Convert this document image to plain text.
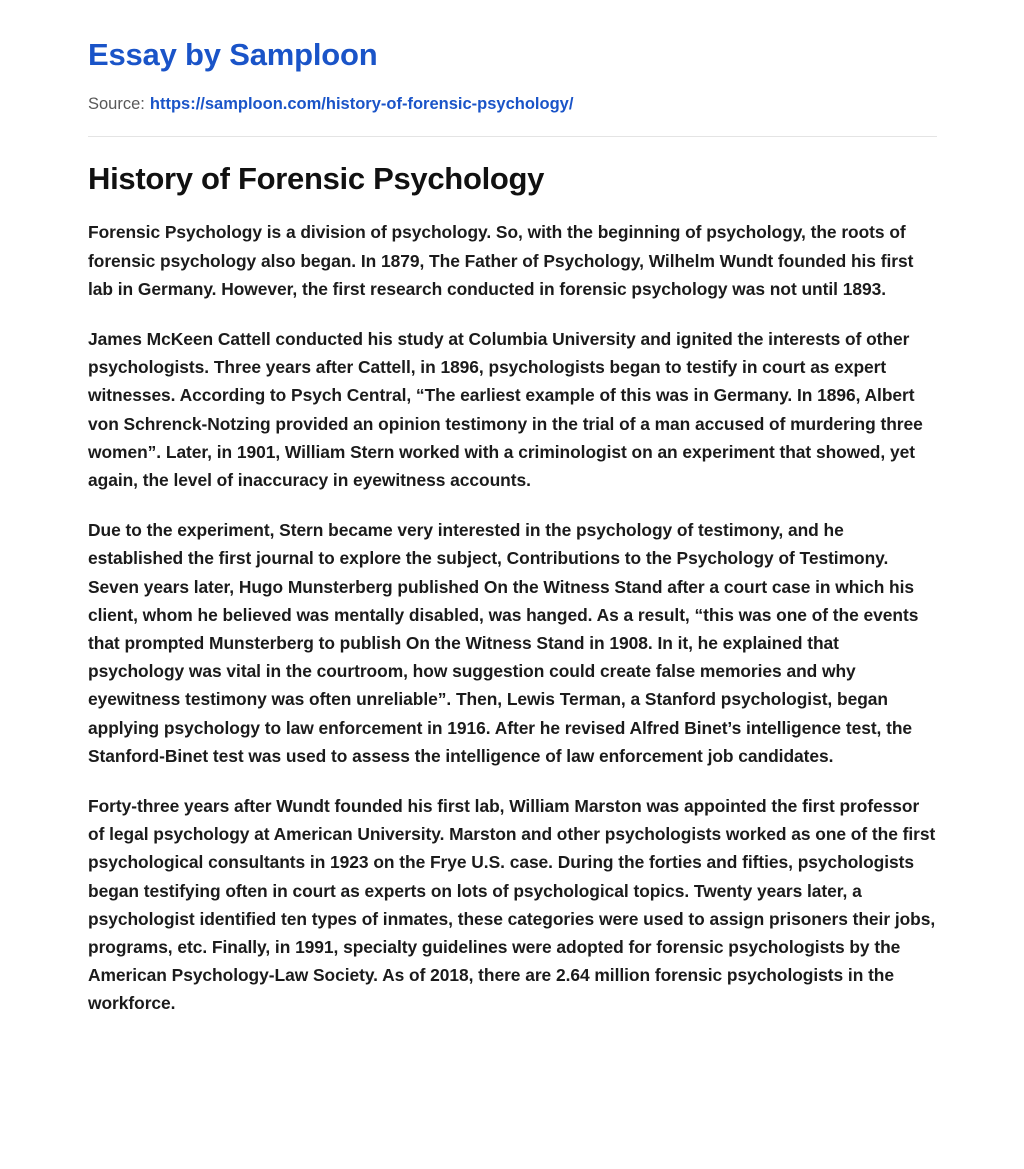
Essay by Samploon

Source: https://samploon.com/history-of-forensic-psychology/

History of Forensic Psychology

Forensic Psychology is a division of psychology. So, with the beginning of psychology, the roots of forensic psychology also began. In 1879, The Father of Psychology, Wilhelm Wundt founded his first lab in Germany. However, the first research conducted in forensic psychology was not until 1893.

James McKeen Cattell conducted his study at Columbia University and ignited the interests of other psychologists. Three years after Cattell, in 1896, psychologists began to testify in court as expert witnesses. According to Psych Central, “The earliest example of this was in Germany. In 1896, Albert von Schrenck-Notzing provided an opinion testimony in the trial of a man accused of murdering three women”. Later, in 1901, William Stern worked with a criminologist on an experiment that showed, yet again, the level of inaccuracy in eyewitness accounts.

Due to the experiment, Stern became very interested in the psychology of testimony, and he established the first journal to explore the subject, Contributions to the Psychology of Testimony. Seven years later, Hugo Munsterberg published On the Witness Stand after a court case in which his client, whom he believed was mentally disabled, was hanged. As a result, “this was one of the events that prompted Munsterberg to publish On the Witness Stand in 1908. In it, he explained that psychology was vital in the courtroom, how suggestion could create false memories and why eyewitness testimony was often unreliable”. Then, Lewis Terman, a Stanford psychologist, began applying psychology to law enforcement in 1916. After he revised Alfred Binet’s intelligence test, the Stanford-Binet test was used to assess the intelligence of law enforcement job candidates.

Forty-three years after Wundt founded his first lab, William Marston was appointed the first professor of legal psychology at American University. Marston and other psychologists worked as one of the first psychological consultants in 1923 on the Frye U.S. case. During the forties and fifties, psychologists began testifying often in court as experts on lots of psychological topics. Twenty years later, a psychologist identified ten types of inmates, these categories were used to assign prisoners their jobs, programs, etc. Finally, in 1991, specialty guidelines were adopted for forensic psychologists by the American Psychology-Law Society. As of 2018, there are 2.64 million forensic psychologists in the workforce.
